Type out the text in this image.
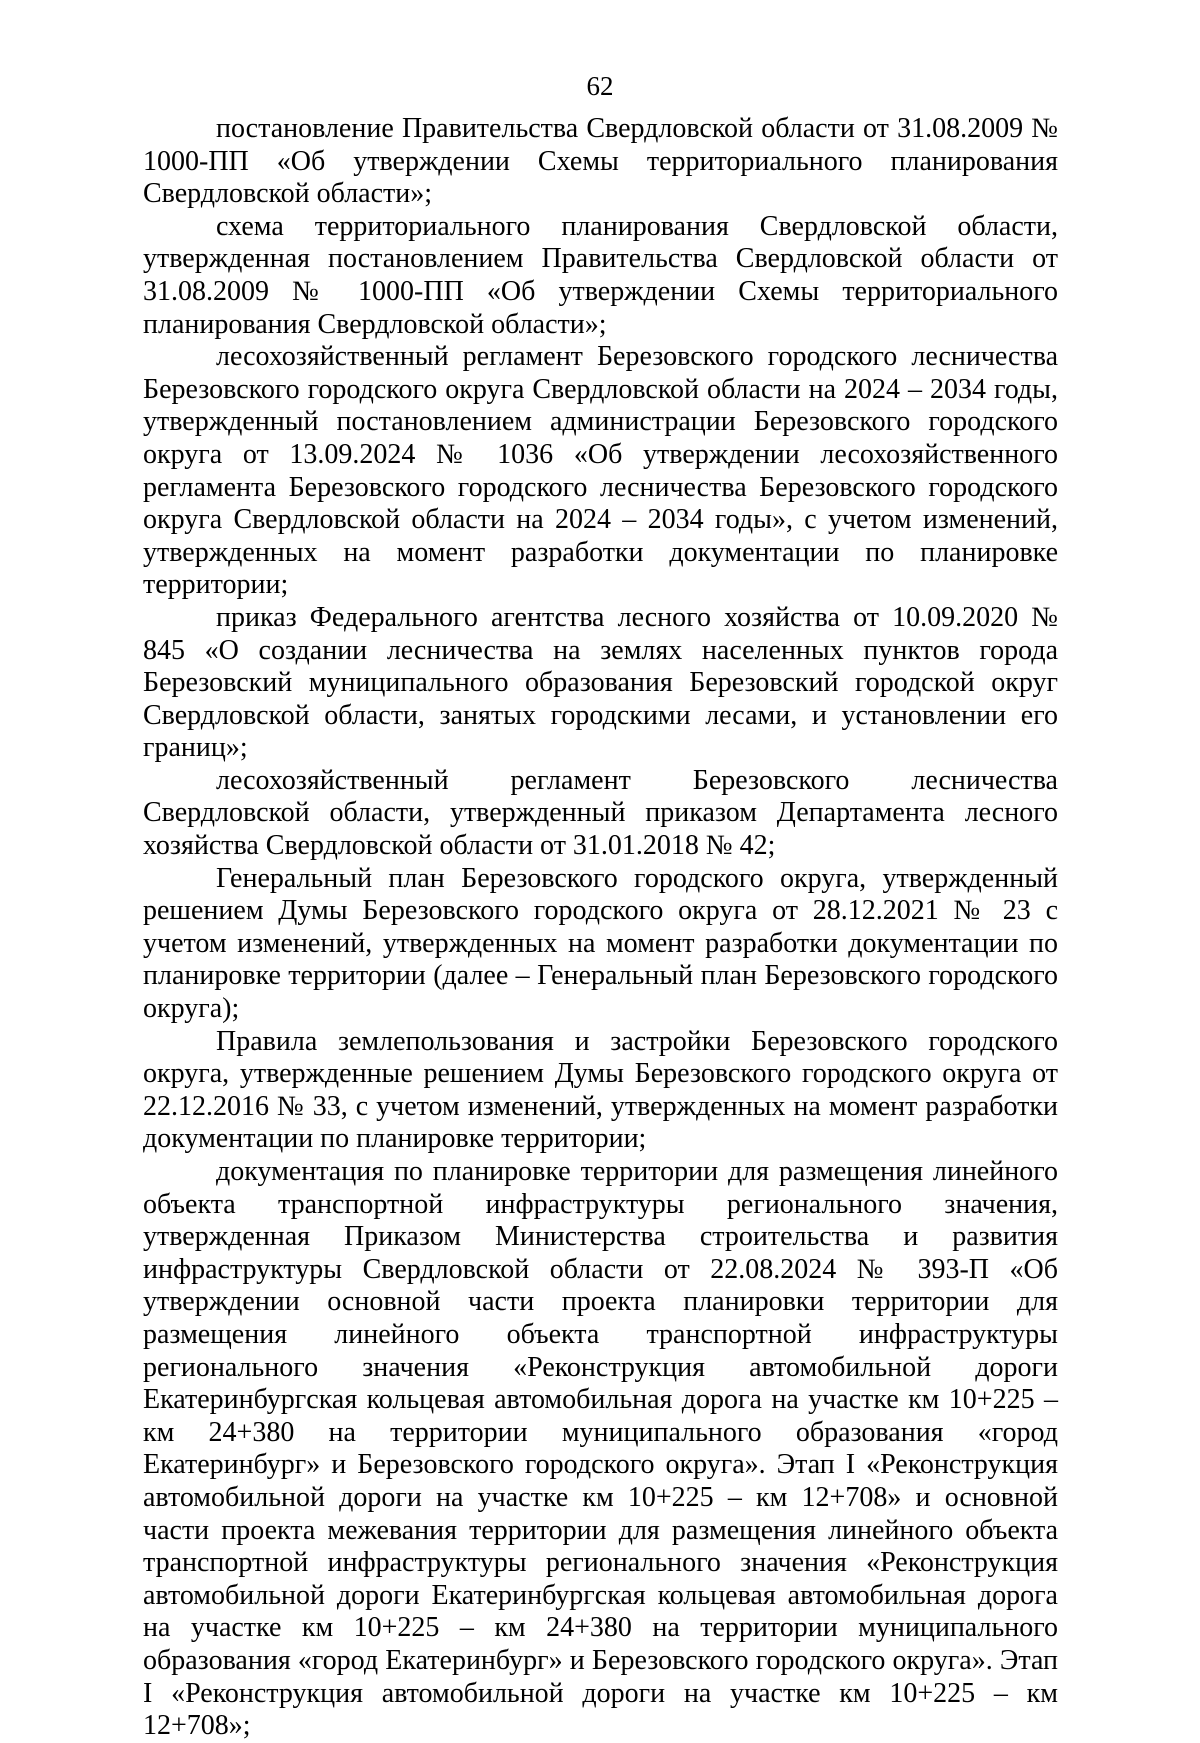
62

постановление Правительства Свердловской области от 31.08.2009 № 1000-ПП «Об утверждении Схемы территориального планирования Свердловской области»;

схема территориального планирования Свердловской области, утвержденная постановлением Правительства Свердловской области от 31.08.2009 № 1000-ПП «Об утверждении Схемы территориального планирования Свердловской области»;

лесохозяйственный регламент Березовского городского лесничества Березовского городского округа Свердловской области на 2024 – 2034 годы, утвержденный постановлением администрации Березовского городского округа от 13.09.2024 № 1036 «Об утверждении лесохозяйственного регламента Березовского городского лесничества Березовского городского округа Свердловской области на 2024 – 2034 годы», с учетом изменений, утвержденных на момент разработки документации по планировке территории;

приказ Федерального агентства лесного хозяйства от 10.09.2020 № 845 «О создании лесничества на землях населенных пунктов города Березовский муниципального образования Березовский городской округ Свердловской области, занятых городскими лесами, и установлении его границ»;

лесохозяйственный регламент Березовского лесничества Свердловской области, утвержденный приказом Департамента лесного хозяйства Свердловской области от 31.01.2018 № 42;

Генеральный план Березовского городского округа, утвержденный решением Думы Березовского городского округа от 28.12.2021 № 23 с учетом изменений, утвержденных на момент разработки документации по планировке территории (далее – Генеральный план Березовского городского округа);

Правила землепользования и застройки Березовского городского округа, утвержденные решением Думы Березовского городского округа от 22.12.2016 № 33, с учетом изменений, утвержденных на момент разработки документации по планировке территории;

документация по планировке территории для размещения линейного объекта транспортной инфраструктуры регионального значения, утвержденная Приказом Министерства строительства и развития инфраструктуры Свердловской области от 22.08.2024 № 393-П «Об утверждении основной части проекта планировки территории для размещения линейного объекта транспортной инфраструктуры регионального значения «Реконструкция автомобильной дороги Екатеринбургская кольцевая автомобильная дорога на участке км 10+225 – км 24+380 на территории муниципального образования «город Екатеринбург» и Березовского городского округа». Этап I «Реконструкция автомобильной дороги на участке км 10+225 – км 12+708» и основной части проекта межевания территории для размещения линейного объекта транспортной инфраструктуры регионального значения «Реконструкция автомобильной дороги Екатеринбургская кольцевая автомобильная дорога на участке км 10+225 – км 24+380 на территории муниципального образования «город Екатеринбург» и Березовского городского округа». Этап I «Реконструкция автомобильной дороги на участке км 10+225 – км 12+708»;
